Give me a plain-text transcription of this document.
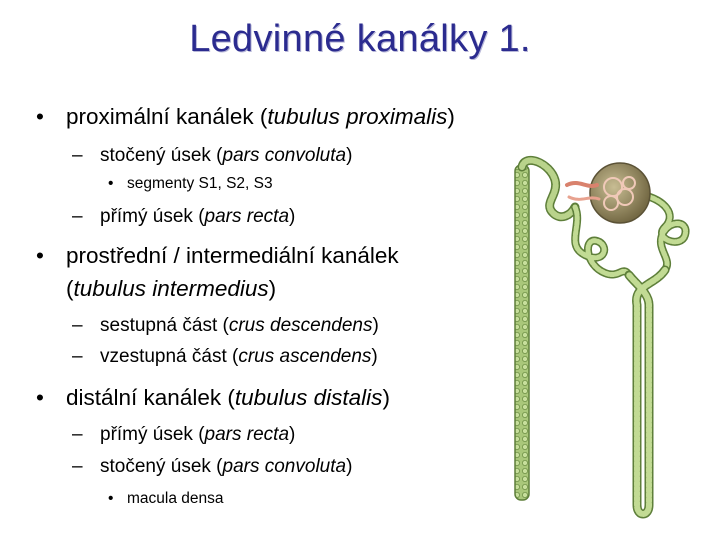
Ledvinné kanálky 1.
• proximální kanálek (tubulus proximalis)
– stočený úsek (pars convoluta)
• segmenty S1, S2, S3
– přímý úsek (pars recta)
• prostřední / intermediální kanálek
(tubulus intermedius)
– sestupná část (crus descendens)
– vzestupná část (crus ascendens)
• distální kanálek (tubulus distalis)
– přímý úsek (pars recta)
– stočený úsek (pars convoluta)
• macula densa
